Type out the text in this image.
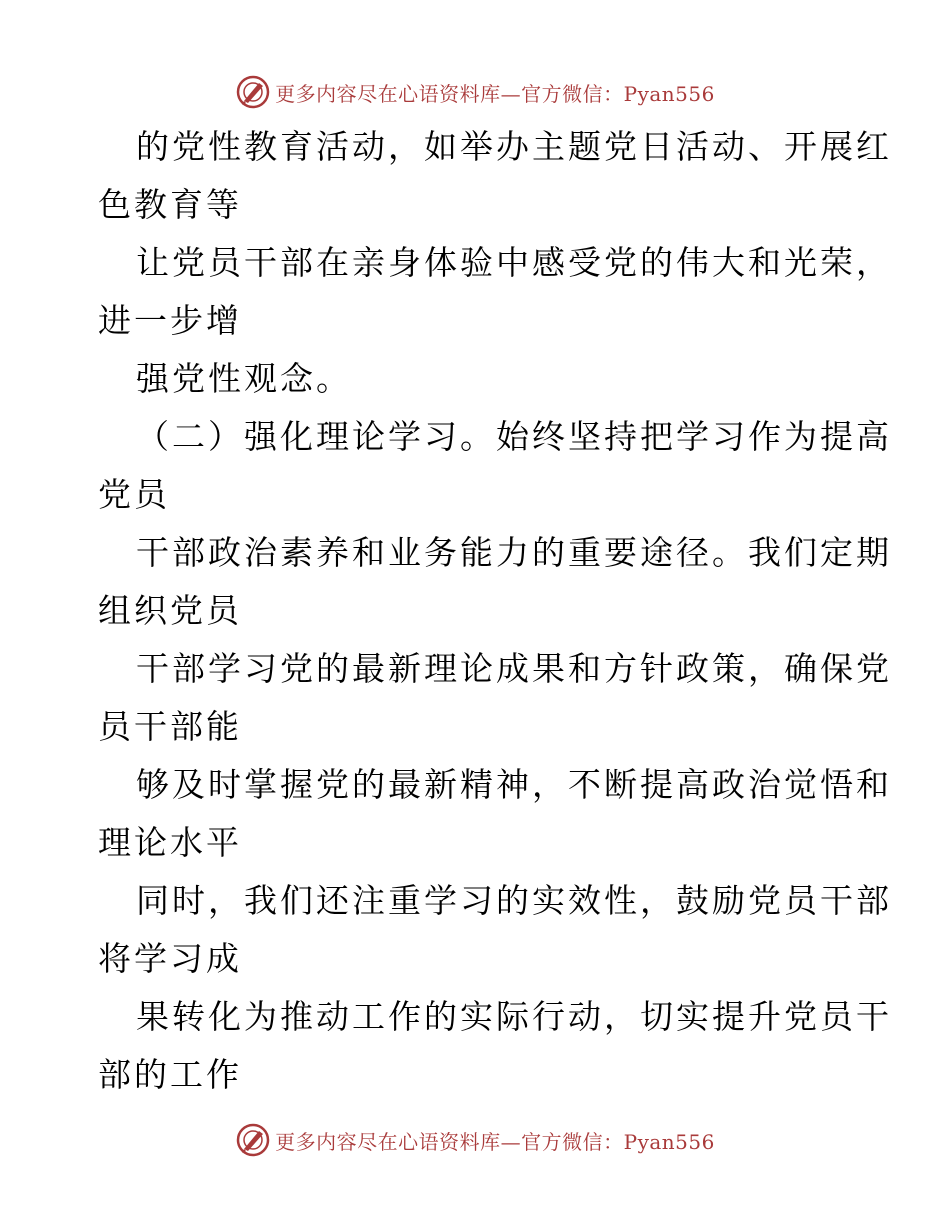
更多内容尽在心语资料库—官方微信：Pyan556
的党性教育活动，如举办主题党日活动、开展红
色教育等
让党员干部在亲身体验中感受党的伟大和光荣，
进一步增
强党性观念。
（二）强化理论学习。始终坚持把学习作为提高
党员
干部政治素养和业务能力的重要途径。我们定期
组织党员
干部学习党的最新理论成果和方针政策，确保党
员干部能
够及时掌握党的最新精神，不断提高政治觉悟和
理论水平
同时，我们还注重学习的实效性，鼓励党员干部
将学习成
果转化为推动工作的实际行动，切实提升党员干
部的工作
更多内容尽在心语资料库—官方微信：Pyan556
